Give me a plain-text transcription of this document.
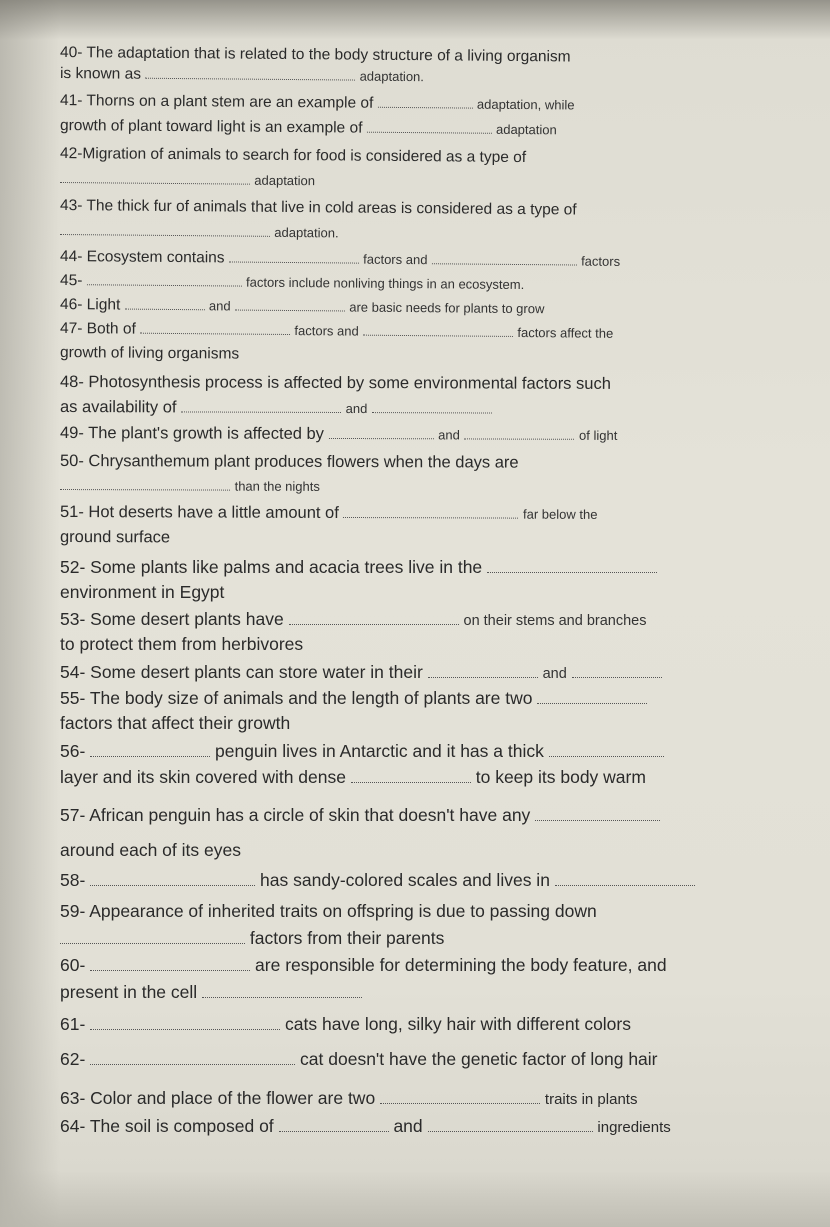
40- The adaptation that is related to the body structure of a living organism
is known as	adaptation.
41- Thorns on a plant stem are an example of	adaptation, while
growth of plant toward light is an example of	adaptation
42-Migration of animals to search for food is considered as a type of
adaptation
43- The thick fur of animals that live in cold areas is considered as a type of
adaptation.
44- Ecosystem contains	factors and	factors
45-	factors include nonliving things in an ecosystem.
46- Light	and	are basic needs for plants to grow
47- Both of	factors and	factors affect the
growth of living organisms
48- Photosynthesis process is affected by some environmental factors such
as availability of	and
49- The plant's growth is affected by	and	of light
50- Chrysanthemum plant produces flowers when the days are
than the nights
51- Hot deserts have a little amount of	far below the
ground surface
52- Some plants like palms and acacia trees live in the
environment in Egypt
53- Some desert plants have	on their stems and branches
to protect them from herbivores
54- Some desert plants can store water in their	and
55- The body size of animals and the length of plants are two
factors that affect their growth
56-	penguin lives in Antarctic and it has a thick
layer and its skin covered with dense	to keep its body warm
57- African penguin has a circle of skin that doesn't have any
around each of its eyes
58-	has sandy-colored scales and lives in
59- Appearance of inherited traits on offspring is due to passing down
factors from their parents
60-	are responsible for determining the body feature, and
present in the cell
61-	cats have long, silky hair with different colors
62-	cat doesn't have the genetic factor of long hair
63- Color and place of the flower are two	traits in plants
64- The soil is composed of	and	ingredients
